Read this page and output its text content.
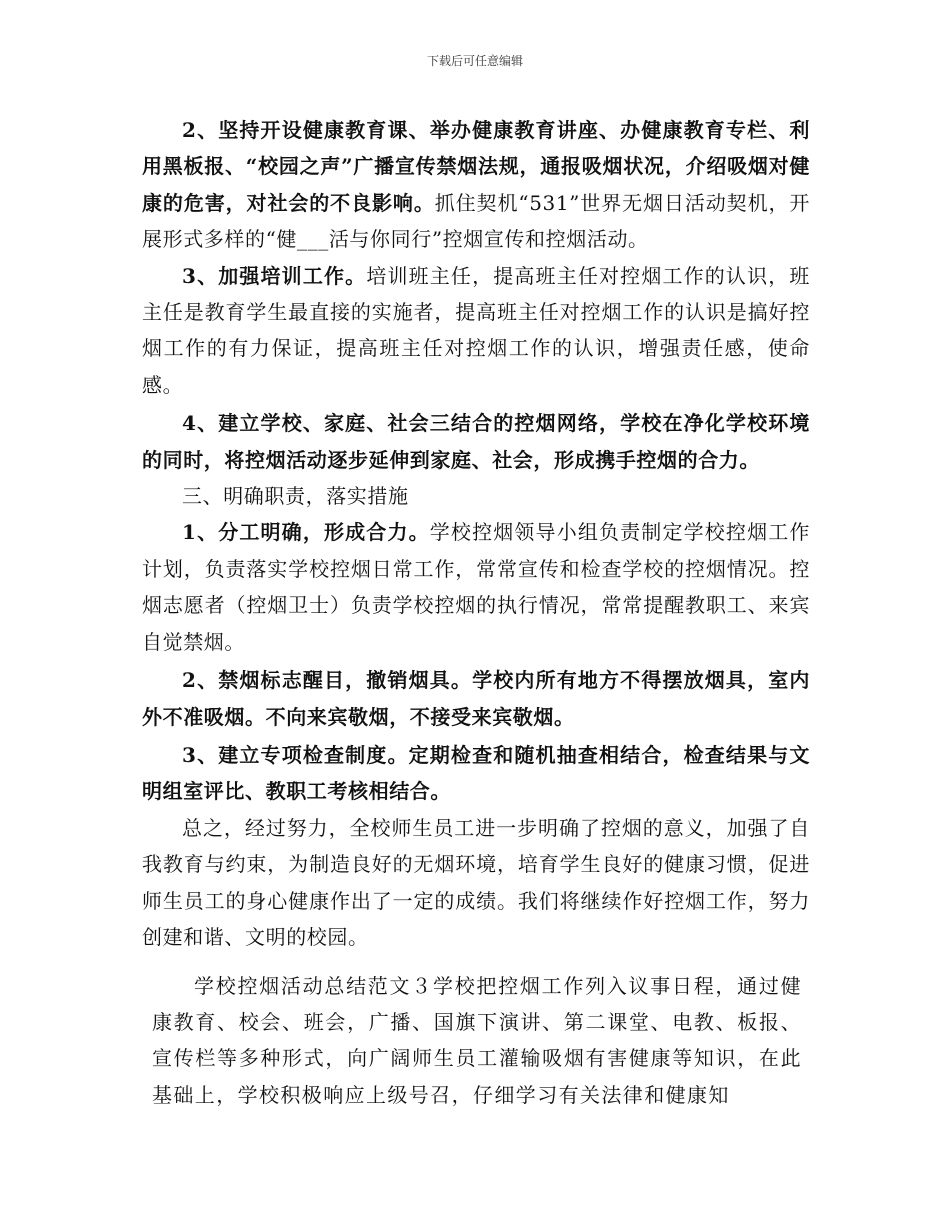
下载后可任意编辑

2、坚持开设健康教育课、举办健康教育讲座、办健康教育专栏、利用黑板报、“校园之声”广播宣传禁烟法规，通报吸烟状况，介绍吸烟对健康的危害，对社会的不良影响。抓住契机“531”世界无烟日活动契机，开展形式多样的“健___活与你同行”控烟宣传和控烟活动。

3、加强培训工作。培训班主任，提高班主任对控烟工作的认识，班主任是教育学生最直接的实施者，提高班主任对控烟工作的认识是搞好控烟工作的有力保证，提高班主任对控烟工作的认识，增强责任感，使命感。

4、建立学校、家庭、社会三结合的控烟网络，学校在净化学校环境的同时，将控烟活动逐步延伸到家庭、社会，形成携手控烟的合力。

三、明确职责，落实措施

1、分工明确，形成合力。学校控烟领导小组负责制定学校控烟工作计划，负责落实学校控烟日常工作，常常宣传和检查学校的控烟情况。控烟志愿者（控烟卫士）负责学校控烟的执行情况，常常提醒教职工、来宾自觉禁烟。

2、禁烟标志醒目，撤销烟具。学校内所有地方不得摆放烟具，室内外不准吸烟。不向来宾敬烟，不接受来宾敬烟。

3、建立专项检查制度。定期检查和随机抽查相结合，检查结果与文明组室评比、教职工考核相结合。

总之，经过努力，全校师生员工进一步明确了控烟的意义，加强了自我教育与约束，为制造良好的无烟环境，培育学生良好的健康习惯，促进师生员工的身心健康作出了一定的成绩。我们将继续作好控烟工作，努力创建和谐、文明的校园。

学校控烟活动总结范文３学校把控烟工作列入议事日程，通过健康教育、校会、班会，广播、国旗下演讲、第二课堂、电教、板报、宣传栏等多种形式，向广阔师生员工灌输吸烟有害健康等知识，在此基础上，学校积极响应上级号召，仔细学习有关法律和健康知
